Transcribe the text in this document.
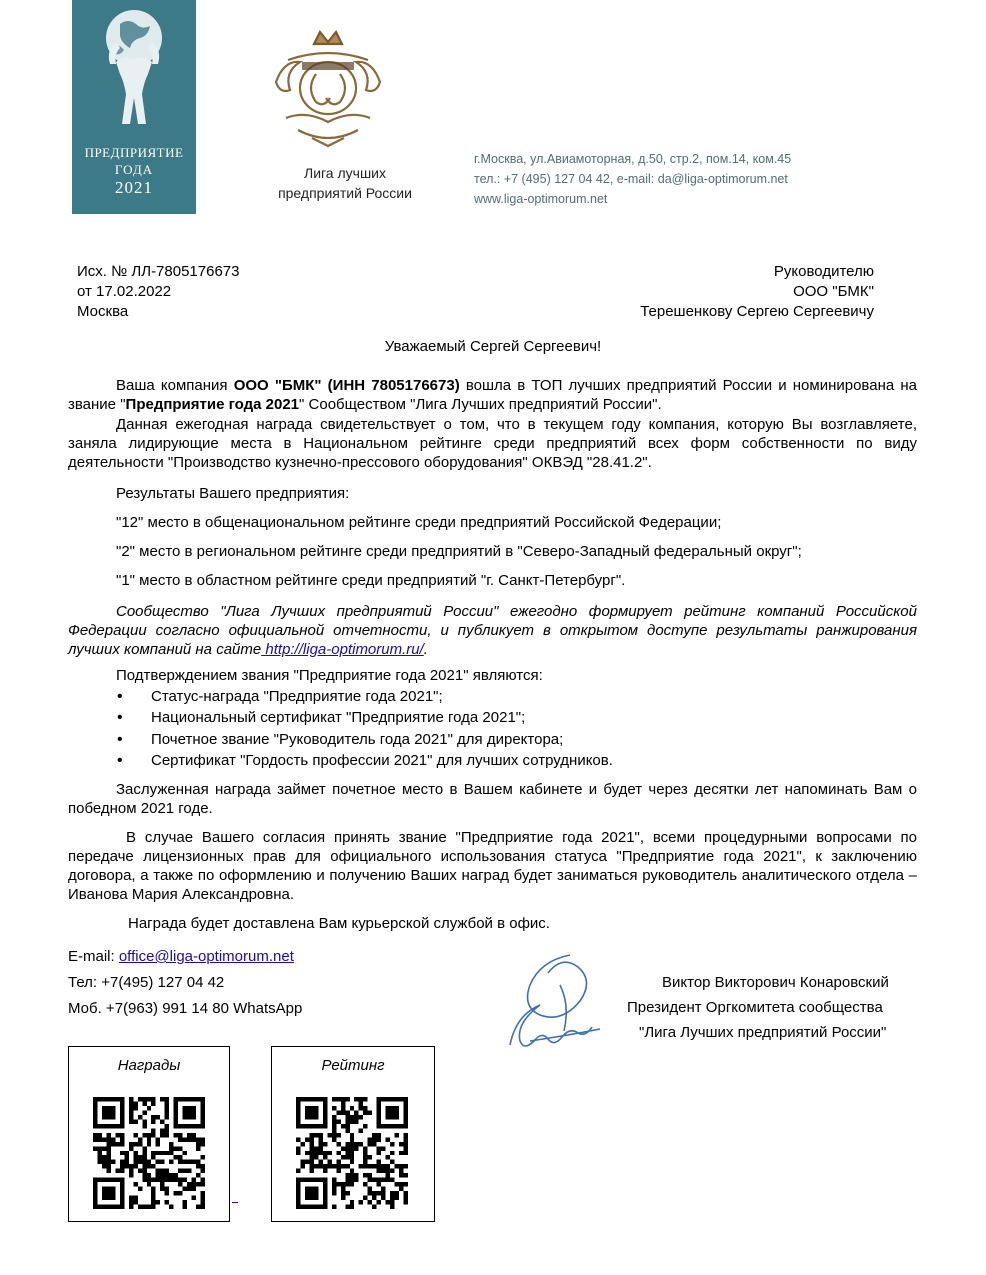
ПРЕДПРИЯТИЕ
ГОДА
2021
Лига лучших
предприятий России
г.Москва, ул.Авиамоторная, д.50, стр.2, пом.14, ком.45
тел.: +7 (495) 127 04 42, e-mail: da@liga-optimorum.net
www.liga-optimorum.net
Исх. № ЛЛ-7805176673
от 17.02.2022
Москва
Руководителю
ООО "БМК"
Терешенкову Сергею Сергеевичу
Уважаемый Сергей Сергеевич!

Ваша компания ООО "БМК" (ИНН 7805176673) вошла в ТОП лучших предприятий России и номинирована на звание "Предприятие года 2021" Сообществом "Лига Лучших предприятий России".

Данная ежегодная награда свидетельствует о том, что в текущем году компания, которую Вы возглавляете, заняла лидирующие места в Национальном рейтинге среди предприятий всех форм собственности по виду деятельности "Производство кузнечно-прессового оборудования" ОКВЭД "28.41.2".

Результаты Вашего предприятия:
"12" место в общенациональном рейтинге среди предприятий Российской Федерации;
"2" место в региональном рейтинге среди предприятий в "Северо-Западный федеральный округ";
"1" место в областном рейтинге среди предприятий "г. Санкт-Петербург".

Сообщество "Лига Лучших предприятий России" ежегодно формирует рейтинг компаний Российской Федерации согласно официальной отчетности, и публикует в открытом доступе результаты ранжирования лучших компаний на сайте http://liga-optimorum.ru/.

Подтверждением звания "Предприятие года 2021" являются:
• Статус-награда "Предприятие года 2021";
• Национальный сертификат "Предприятие года 2021";
• Почетное звание "Руководитель года 2021" для директора;
• Сертификат "Гордость профессии 2021" для лучших сотрудников.

Заслуженная награда займет почетное место в Вашем кабинете и будет через десятки лет напоминать Вам о победном 2021 годе.

В случае Вашего согласия принять звание "Предприятие года 2021", всеми процедурными вопросами по передаче лицензионных прав для официального использования статуса "Предприятие года 2021", к заключению договора, а также по оформлению и получению Ваших наград будет заниматься руководитель аналитического отдела – Иванова Мария Александровна.

Награда будет доставлена Вам курьерской службой в офис.
E-mail: office@liga-optimorum.net
Тел: +7(495) 127 04 42
Моб. +7(963) 991 14 80 WhatsApp
Виктор Викторович Конаровский
Президент Оргкомитета сообщества
"Лига Лучших предприятий России"
Награды	Рейтинг
